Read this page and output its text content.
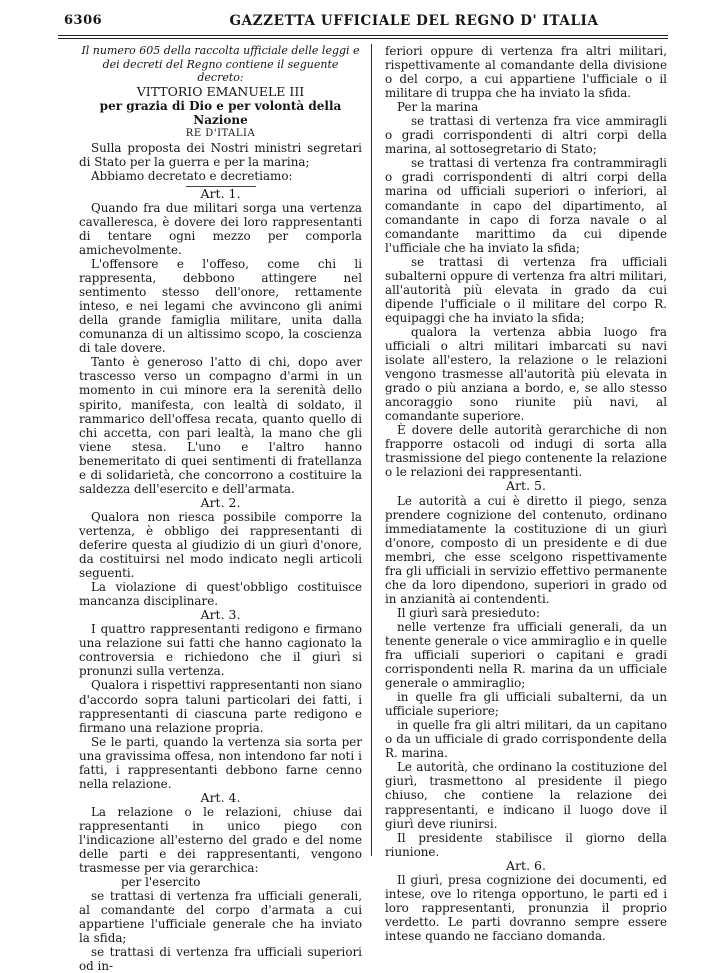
6306	GAZZETTA UFFICIALE DEL REGNO D' ITALIA

Il numero 605 della raccolta ufficiale delle leggi e dei decreti del Regno contiene il seguente decreto:

VITTORIO EMANUELE III

per grazia di Dio e per volontà della Nazione

RE D'ITALIA

Sulla proposta dei Nostri ministri segretari di Stato per la guerra e per la marina;

Abbiamo decretato e decretiamo:

Art. 1.

Quando fra due militari sorga una vertenza cavalleresca, è dovere dei loro rappresentanti di tentare ogni mezzo per comporla amichevolmente.

L'offensore e l'offeso, come chi li rappresenta, debbono attingere nel sentimento stesso dell'onore, rettamente inteso, e nei legami che avvincono gli animi della grande famiglia militare, unita dalla comunanza di un altissimo scopo, la coscienza di tale dovere.

Tanto è generoso l'atto di chi, dopo aver trascesso verso un compagno d'armi in un momento in cui minore era la serenità dello spirito, manifesta, con lealtà di soldato, il rammarico dell'offesa recata, quanto quello di chi accetta, con pari lealtà, la mano che gli viene stesa. L'uno e l'altro hanno benemeritato di quei sentimenti di fratellanza e di solidarietà, che concorrono a costituire la saldezza dell'esercito e dell'armata.

Art. 2.

Qualora non riesca possibile comporre la vertenza, è obbligo dei rappresentanti di deferire questa al giudizio di un giurì d'onore, da costituirsi nel modo indicato negli articoli seguenti.

La violazione di quest'obbligo costituisce mancanza disciplinare.

Art. 3.

I quattro rappresentanti redigono e firmano una relazione sui fatti che hanno cagionato la controversia e richiedono che il giurì si pronunzi sulla vertenza.

Qualora i rispettivi rappresentanti non siano d'accordo sopra taluni particolari dei fatti, i rappresentanti di ciascuna parte redigono e firmano una relazione propria.

Se le parti, quando la vertenza sia sorta per una gravissima offesa, non intendono far noti i fatti, i rappresentanti debbono farne cenno nella relazione.

Art. 4.

La relazione o le relazioni, chiuse dai rappresentanti in unico piego con l'indicazione all'esterno del grado e del nome delle parti e dei rappresentanti, vengono trasmesse per via gerarchica:

per l'esercito

se trattasi di vertenza fra ufficiali generali, al comandante del corpo d'armata a cui appartiene l'ufficiale generale che ha inviato la sfida;

se trattasi di vertenza fra ufficiali superiori od in-

feriori oppure di vertenza fra altri militari, rispettivamente al comandante della divisione o del corpo, a cui appartiene l'ufficiale o il militare di truppa che ha inviato la sfida.

Per la marina

se trattasi di vertenza fra vice ammiragli o gradi corrispondenti di altri corpi della marina, al sottosegretario di Stato;

se trattasi di vertenza fra contrammiragli o gradi corrispondenti di altri corpi della marina od ufficiali superiori o inferiori, al comandante in capo del dipartimento, al comandante in capo di forza navale o al comandante marittimo da cui dipende l'ufficiale che ha inviato la sfida;

se trattasi di vertenza fra ufficiali subalterni oppure di vertenza fra altri militari, all'autorità più elevata in grado da cui dipende l'ufficiale o il militare del corpo R. equipaggi che ha inviato la sfida;

qualora la vertenza abbia luogo fra ufficiali o altri militari imbarcati su navi isolate all'estero, la relazione o le relazioni vengono trasmesse all'autorità più elevata in grado o più anziana a bordo, e, se allo stesso ancoraggio sono riunite più navi, al comandante superiore.

È dovere delle autorità gerarchiche di non frapporre ostacoli od indugi di sorta alla trasmissione del piego contenente la relazione o le relazioni dei rappresentanti.

Art. 5.

Le autorità a cui è diretto il piego, senza prendere cognizione del contenuto, ordinano immediatamente la costituzione di un giurì d'onore, composto di un presidente e di due membri, che esse scelgono rispettivamente fra gli ufficiali in servizio effettivo permanente che da loro dipendono, superiori in grado od in anzianità ai contendenti.

Il giurì sarà presieduto:

nelle vertenze fra ufficiali generali, da un tenente generale o vice ammiraglio e in quelle fra ufficiali superiori o capitani e gradi corrispondenti nella R. marina da un ufficiale generale o ammiraglio;

in quelle fra gli ufficiali subalterni, da un ufficiale superiore;

in quelle fra gli altri militari, da un capitano o da un ufficiale di grado corrispondente della R. marina.

Le autorità, che ordinano la costituzione del giurì, trasmettono al presidente il piego chiuso, che contiene la relazione dei rappresentanti, e indicano il luogo dove il giurì deve riunirsi.

Il presidente stabilisce il giorno della riunione.

Art. 6.

Il giurì, presa cognizione dei documenti, ed intese, ove lo ritenga opportuno, le parti ed i loro rappresentanti, pronunzia il proprio verdetto. Le parti dovranno sempre essere intese quando ne facciano domanda.
